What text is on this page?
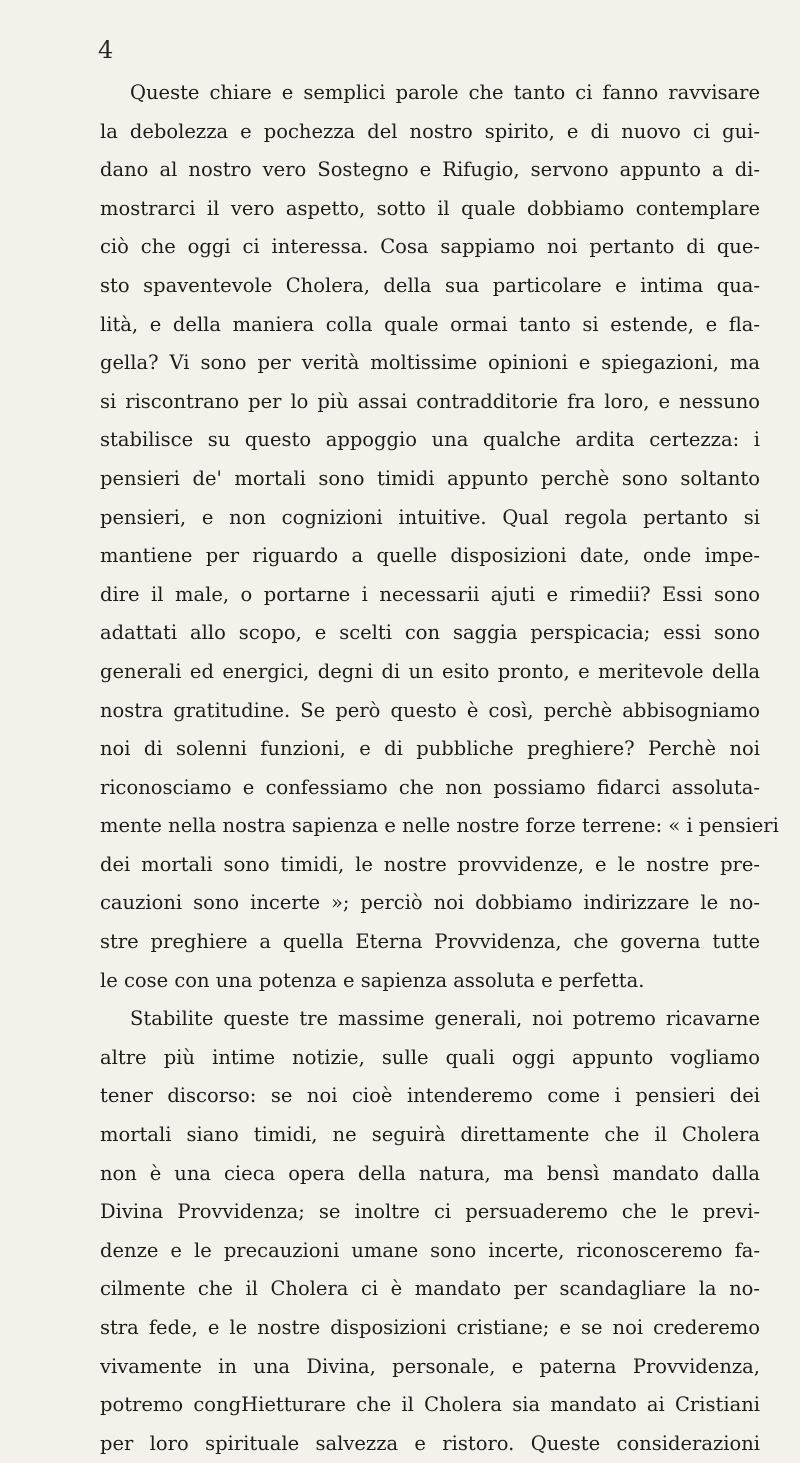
4
Queste chiare e semplici parole che tanto ci fanno ravvisare
la debolezza e pochezza del nostro spirito, e di nuovo ci gui-
dano al nostro vero Sostegno e Rifugio, servono appunto a di-
mostrarci il vero aspetto, sotto il quale dobbiamo contemplare
ciò che oggi ci interessa. Cosa sappiamo noi pertanto di que-
sto spaventevole Cholera, della sua particolare e intima qua-
lità, e della maniera colla quale ormai tanto si estende, e fla-
gella? Vi sono per verità moltissime opinioni e spiegazioni, ma
si riscontrano per lo più assai contradditorie fra loro, e nessuno
stabilisce su questo appoggio una qualche ardita certezza: i
pensieri de' mortali sono timidi appunto perchè sono soltanto
pensieri, e non cognizioni intuitive. Qual regola pertanto si
mantiene per riguardo a quelle disposizioni date, onde impe-
dire il male, o portarne i necessarii ajuti e rimedii? Essi sono
adattati allo scopo, e scelti con saggia perspicacia; essi sono
generali ed energici, degni di un esito pronto, e meritevole della
nostra gratitudine. Se però questo è così, perchè abbisogniamo
noi di solenni funzioni, e di pubbliche preghiere? Perchè noi
riconosciamo e confessiamo che non possiamo fidarci assoluta-
mente nella nostra sapienza e nelle nostre forze terrene: « i pensieri
dei mortali sono timidi, le nostre provvidenze, e le nostre pre-
cauzioni sono incerte »; perciò noi dobbiamo indirizzare le no-
stre preghiere a quella Eterna Provvidenza, che governa tutte
le cose con una potenza e sapienza assoluta e perfetta.
Stabilite queste tre massime generali, noi potremo ricavarne
altre più intime notizie, sulle quali oggi appunto vogliamo
tener discorso: se noi cioè intenderemo come i pensieri dei
mortali siano timidi, ne seguirà direttamente che il Cholera
non è una cieca opera della natura, ma bensì mandato dalla
Divina Provvidenza; se inoltre ci persuaderemo che le previ-
denze e le precauzioni umane sono incerte, riconosceremo fa-
cilmente che il Cholera ci è mandato per scandagliare la no-
stra fede, e le nostre disposizioni cristiane; e se noi crederemo
vivamente in una Divina, personale, e paterna Provvidenza,
potremo congHietturare che il Cholera sia mandato ai Cristiani
per loro spirituale salvezza e ristoro. Queste considerazioni
